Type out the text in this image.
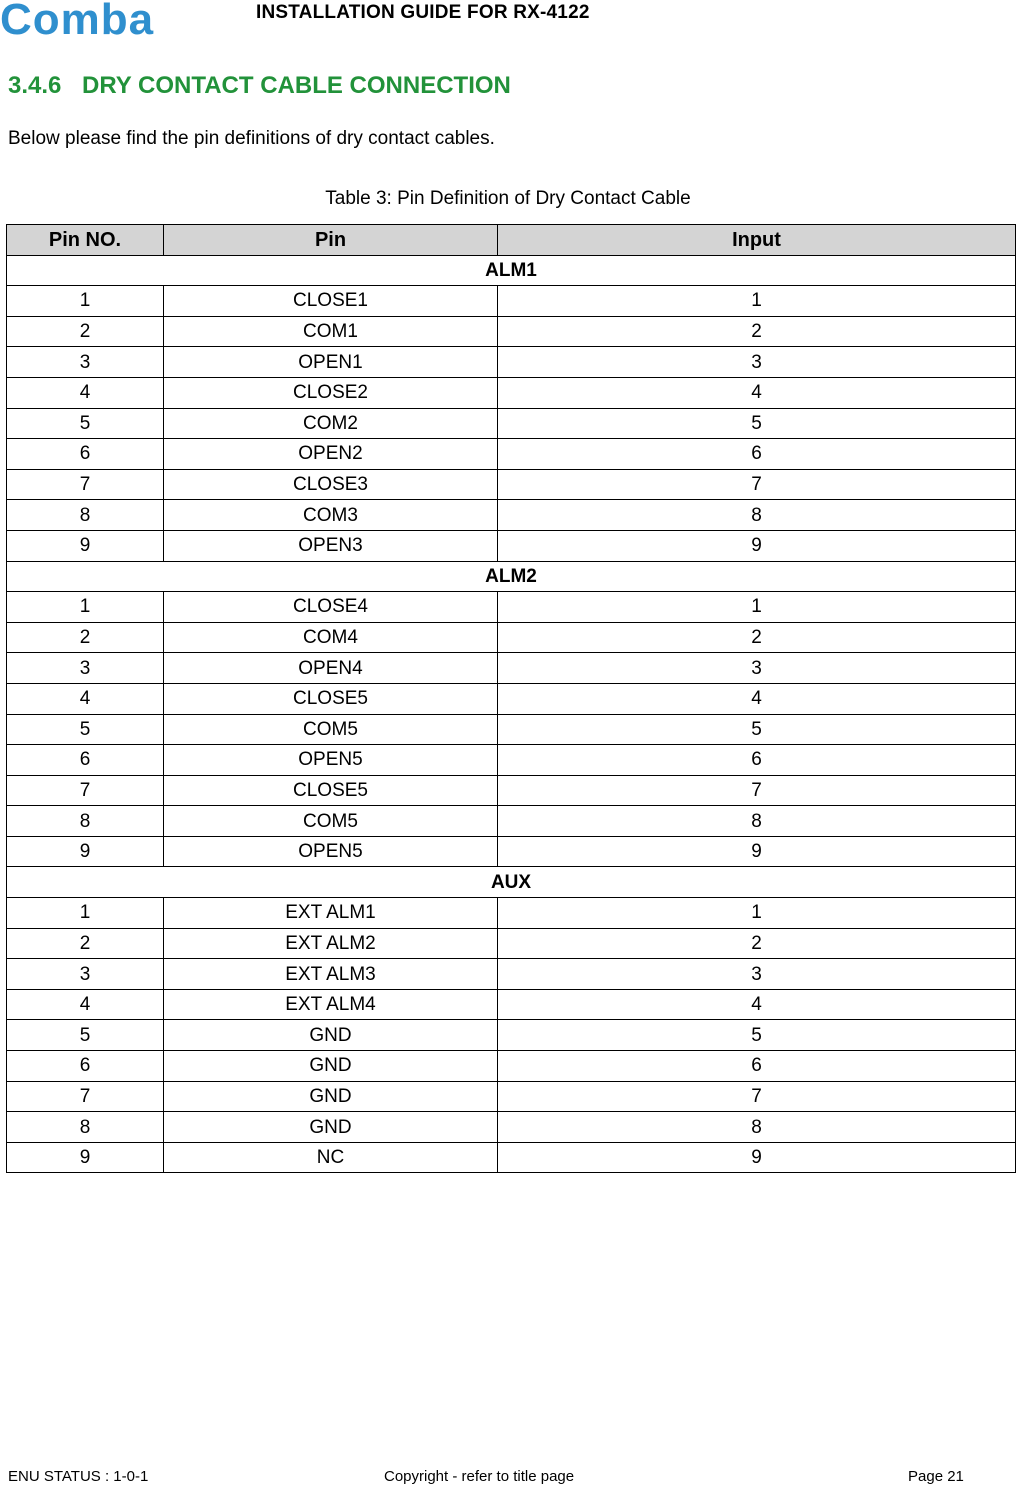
Comba	INSTALLATION GUIDE FOR RX-4122
3.4.6 DRY CONTACT CABLE CONNECTION

Below please find the pin definitions of dry contact cables.

Table 3: Pin Definition of Dry Contact Cable

Pin NO.	Pin	Input
ALM1		
1	CLOSE1	1
2	COM1	2
3	OPEN1	3
4	CLOSE2	4
5	COM2	5
6	OPEN2	6
7	CLOSE3	7
8	COM3	8
9	OPEN3	9
ALM2		
1	CLOSE4	1
2	COM4	2
3	OPEN4	3
4	CLOSE5	4
5	COM5	5
6	OPEN5	6
7	CLOSE5	7
8	COM5	8
9	OPEN5	9
AUX		
1	EXT ALM1	1
2	EXT ALM2	2
3	EXT ALM3	3
4	EXT ALM4	4
5	GND	5
6	GND	6
7	GND	7
8	GND	8
9	NC	9
ENU STATUS : 1-0-1	Copyright - refer to title page	Page 21
